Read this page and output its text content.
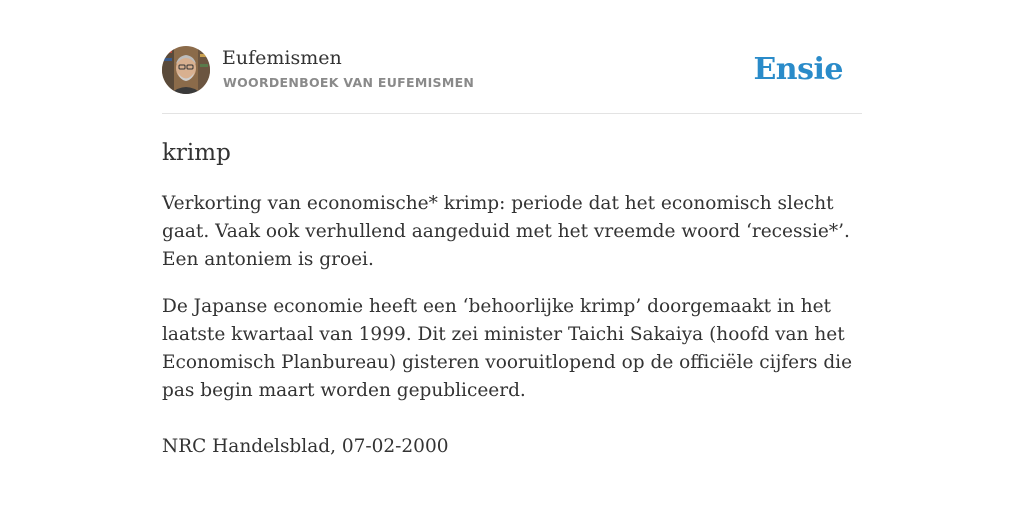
Eufemismen
WOORDENBOEK VAN EUFEMISMEN	Ensie
krimp

Verkorting van economische* krimp: periode dat het economisch slecht gaat. Vaak ook verhullend aangeduid met het vreemde woord ‘recessie*’. Een antoniem is groei.

De Japanse economie heeft een ‘behoorlijke krimp’ doorgemaakt in het laatste kwartaal van 1999. Dit zei minister Taichi Sakaiya (hoofd van het Economisch Planbureau) gisteren vooruitlopend op de officiële cijfers die pas begin maart worden gepubliceerd.

NRC Handelsblad, 07-02-2000
